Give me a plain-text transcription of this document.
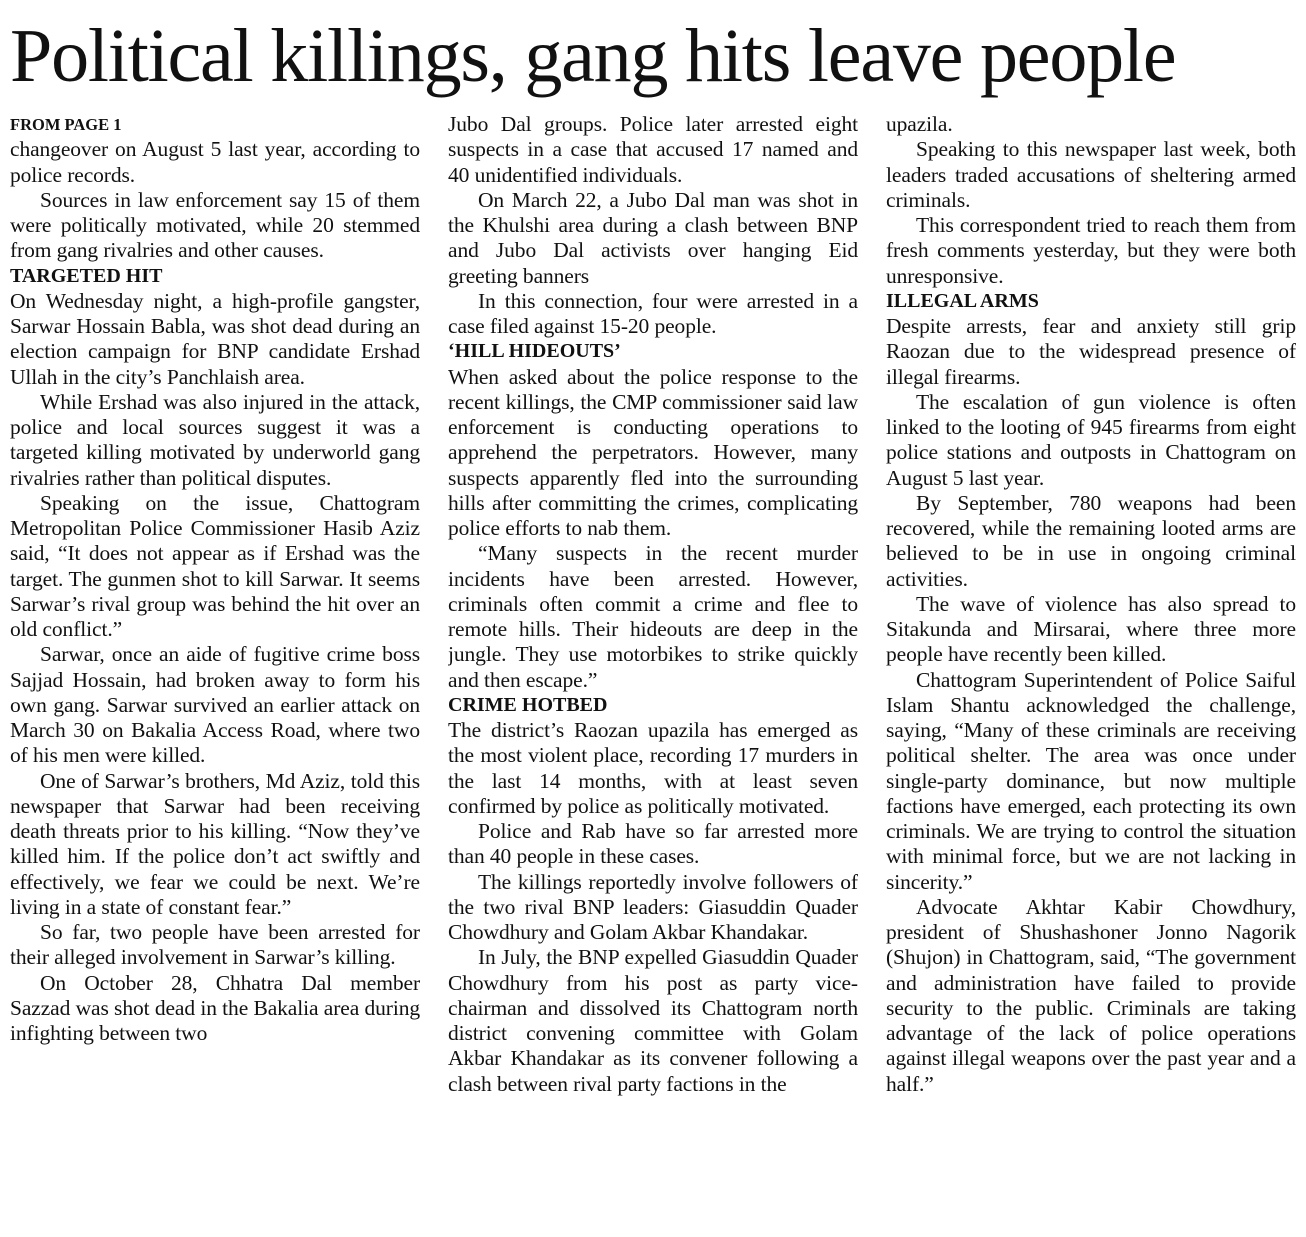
Political killings, gang hits leave people
FROM PAGE 1

changeover on August 5 last year, according to police records.

Sources in law enforcement say 15 of them were politically motivated, while 20 stemmed from gang rivalries and other causes.

TARGETED HIT

On Wednesday night, a high-profile gangster, Sarwar Hossain Babla, was shot dead during an election campaign for BNP candidate Ershad Ullah in the city’s Panchlaish area.

While Ershad was also injured in the attack, police and local sources suggest it was a targeted killing motivated by underworld gang rivalries rather than political disputes.

Speaking on the issue, Chattogram Metropolitan Police Commissioner Hasib Aziz said, “It does not appear as if Ershad was the target. The gunmen shot to kill Sarwar. It seems Sarwar’s rival group was behind the hit over an old conflict.”

Sarwar, once an aide of fugitive crime boss Sajjad Hossain, had broken away to form his own gang. Sarwar survived an earlier attack on March 30 on Bakalia Access Road, where two of his men were killed.

One of Sarwar’s brothers, Md Aziz, told this newspaper that Sarwar had been receiving death threats prior to his killing. “Now they’ve killed him. If the police don’t act swiftly and effectively, we fear we could be next. We’re living in a state of constant fear.”

So far, two people have been arrested for their alleged involvement in Sarwar’s killing.

On October 28, Chhatra Dal member Sazzad was shot dead in the Bakalia area during infighting between two

Jubo Dal groups. Police later arrested eight suspects in a case that accused 17 named and 40 unidentified individuals.

On March 22, a Jubo Dal man was shot in the Khulshi area during a clash between BNP and Jubo Dal activists over hanging Eid greeting banners

In this connection, four were arrested in a case filed against 15-20 people.

‘HILL HIDEOUTS’

When asked about the police response to the recent killings, the CMP commissioner said law enforcement is conducting operations to apprehend the perpetrators. However, many suspects apparently fled into the surrounding hills after committing the crimes, complicating police efforts to nab them.

“Many suspects in the recent murder incidents have been arrested. However, criminals often commit a crime and flee to remote hills. Their hideouts are deep in the jungle. They use motorbikes to strike quickly and then escape.”

CRIME HOTBED

The district’s Raozan upazila has emerged as the most violent place, recording 17 murders in the last 14 months, with at least seven confirmed by police as politically motivated.

Police and Rab have so far arrested more than 40 people in these cases.

The killings reportedly involve followers of the two rival BNP leaders: Giasuddin Quader Chowdhury and Golam Akbar Khandakar.

In July, the BNP expelled Giasuddin Quader Chowdhury from his post as party vice-chairman and dissolved its Chattogram north district convening committee with Golam Akbar Khandakar as its convener following a clash between rival party factions in the

upazila.

Speaking to this newspaper last week, both leaders traded accusations of sheltering armed criminals.

This correspondent tried to reach them from fresh comments yesterday, but they were both unresponsive.

ILLEGAL ARMS

Despite arrests, fear and anxiety still grip Raozan due to the widespread presence of illegal firearms.

The escalation of gun violence is often linked to the looting of 945 firearms from eight police stations and outposts in Chattogram on August 5 last year.

By September, 780 weapons had been recovered, while the remaining looted arms are believed to be in use in ongoing criminal activities.

The wave of violence has also spread to Sitakunda and Mirsarai, where three more people have recently been killed.

Chattogram Superintendent of Police Saiful Islam Shantu acknowledged the challenge, saying, “Many of these criminals are receiving political shelter. The area was once under single-party dominance, but now multiple factions have emerged, each protecting its own criminals. We are trying to control the situation with minimal force, but we are not lacking in sincerity.”

Advocate Akhtar Kabir Chowdhury, president of Shushashoner Jonno Nagorik (Shujon) in Chattogram, said, “The government and administration have failed to provide security to the public. Criminals are taking advantage of the lack of police operations against illegal weapons over the past year and a half.”
